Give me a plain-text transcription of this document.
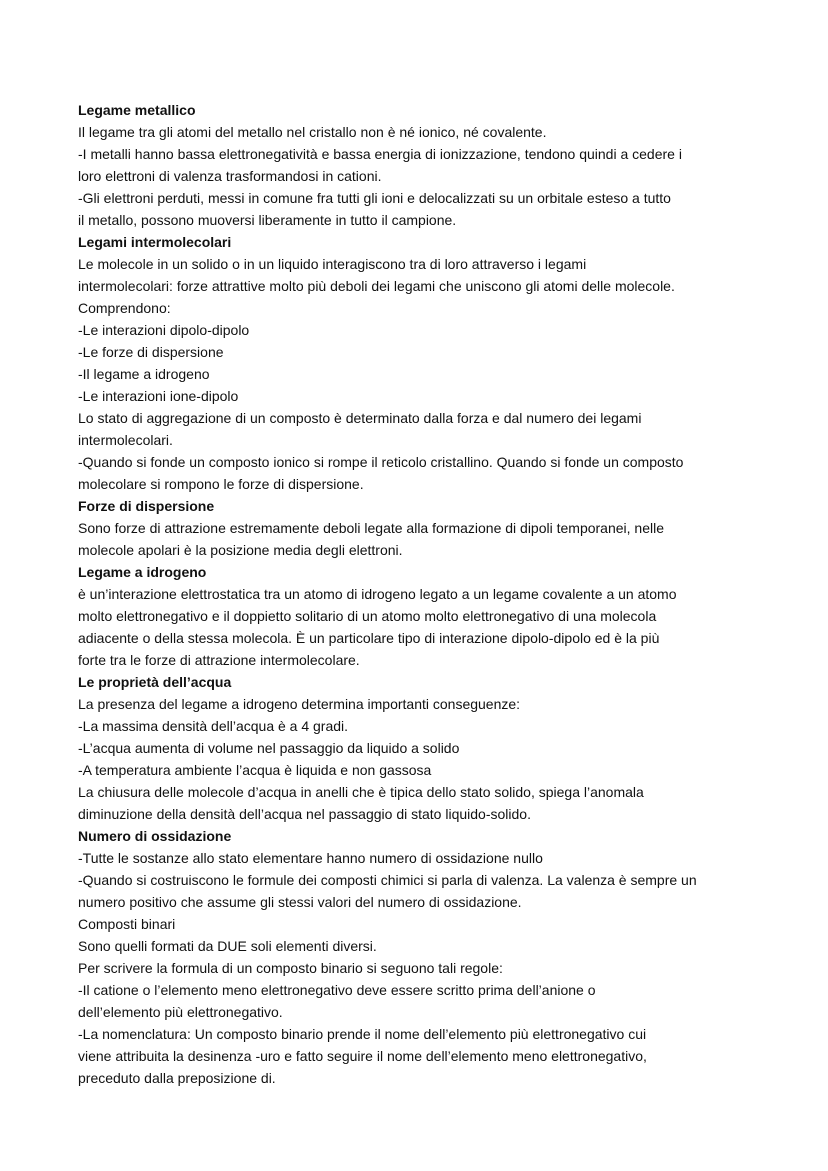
Legame metallico
Il legame tra gli atomi del metallo nel cristallo non è né ionico, né covalente.
-I metalli hanno bassa elettronegatività e bassa energia di ionizzazione, tendono quindi a cedere i
loro elettroni di valenza trasformandosi in cationi.
-Gli elettroni perduti, messi in comune fra tutti gli ioni e delocalizzati su un orbitale esteso a tutto
il metallo, possono muoversi liberamente in tutto il campione.
Legami intermolecolari
Le molecole in un solido o in un liquido interagiscono tra di loro attraverso i legami
intermolecolari: forze attrattive molto più deboli dei legami che uniscono gli atomi delle molecole.
Comprendono:
-Le interazioni dipolo-dipolo
-Le forze di dispersione
-Il legame a idrogeno
-Le interazioni ione-dipolo
Lo stato di aggregazione di un composto è determinato dalla forza e dal numero dei legami
intermolecolari.
-Quando si fonde un composto ionico si rompe il reticolo cristallino. Quando si fonde un composto
molecolare si rompono le forze di dispersione.
Forze di dispersione
Sono forze di attrazione estremamente deboli legate alla formazione di dipoli temporanei, nelle
molecole apolari è la posizione media degli elettroni.
Legame a idrogeno
è un’interazione elettrostatica tra un atomo di idrogeno legato a un legame covalente a un atomo
molto elettronegativo e il doppietto solitario di un atomo molto elettronegativo di una molecola
adiacente o della stessa molecola. È un particolare tipo di interazione dipolo-dipolo ed è la più
forte tra le forze di attrazione intermolecolare.
Le proprietà dell’acqua
La presenza del legame a idrogeno determina importanti conseguenze:
-La massima densità dell’acqua è a 4 gradi.
-L’acqua aumenta di volume nel passaggio da liquido a solido
-A temperatura ambiente l’acqua è liquida e non gassosa
La chiusura delle molecole d’acqua in anelli che è tipica dello stato solido, spiega l’anomala
diminuzione della densità dell’acqua nel passaggio di stato liquido-solido.
Numero di ossidazione
-Tutte le sostanze allo stato elementare hanno numero di ossidazione nullo
-Quando si costruiscono le formule dei composti chimici si parla di valenza. La valenza è sempre un
numero positivo che assume gli stessi valori del numero di ossidazione.
Composti binari
Sono quelli formati da DUE soli elementi diversi.
Per scrivere la formula di un composto binario si seguono tali regole:
-Il catione o l’elemento meno elettronegativo deve essere scritto prima dell’anione o
dell’elemento più elettronegativo.
-La nomenclatura: Un composto binario prende il nome dell’elemento più elettronegativo cui
viene attribuita la desinenza -uro e fatto seguire il nome dell’elemento meno elettronegativo,
preceduto dalla preposizione di.
